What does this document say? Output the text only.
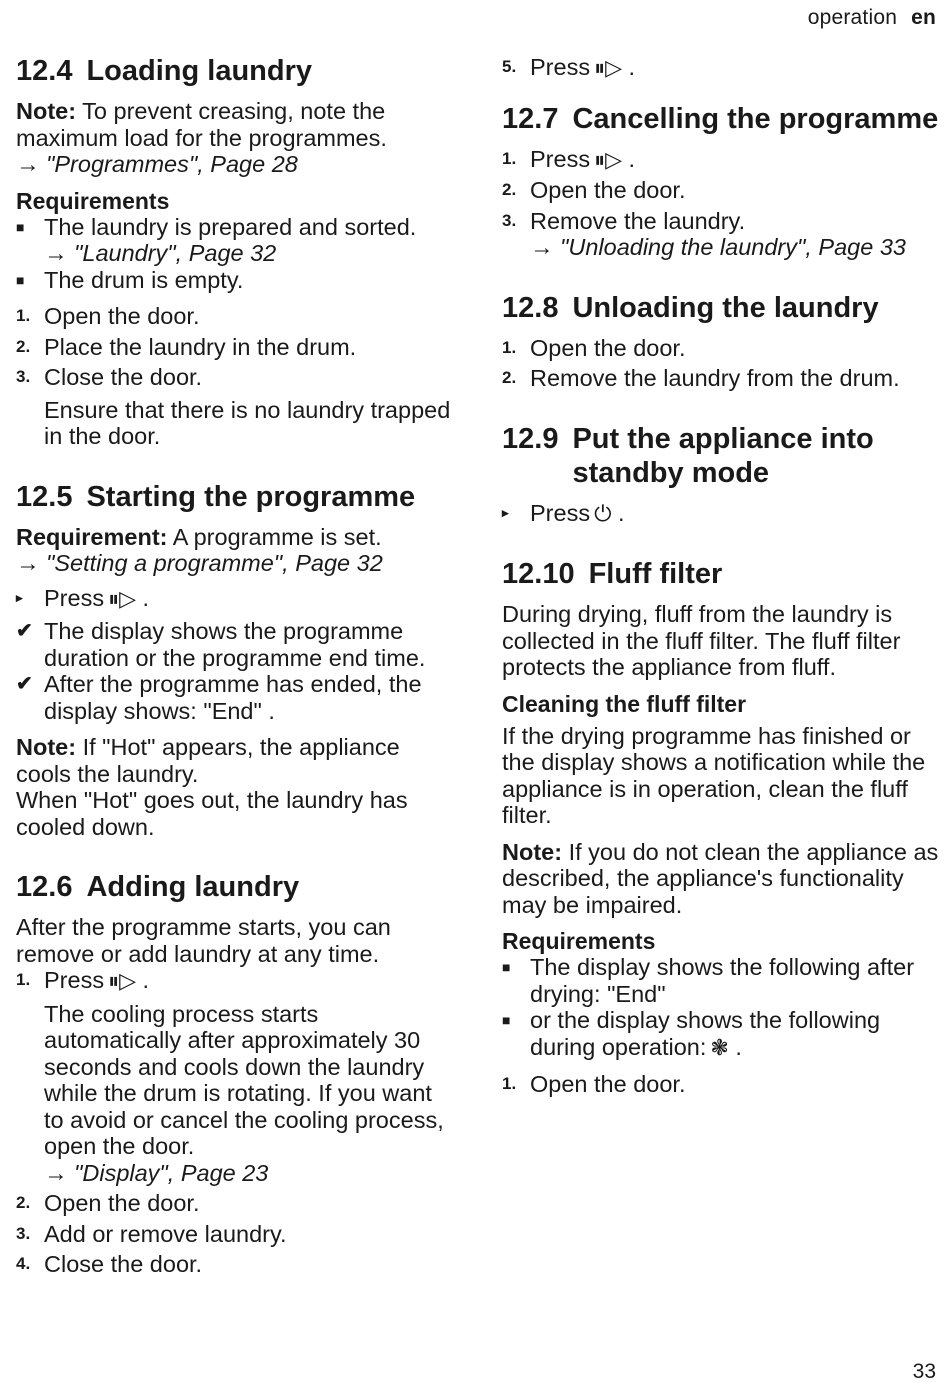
operation en
12.4 Loading laundry

Note: To prevent creasing, note the maximum load for the programmes.

→ "Programmes", Page 28

Requirements
■ The laundry is prepared and sorted.
→ "Laundry", Page 32
■ The drum is empty.
1. Open the door.
2. Place the laundry in the drum.
3. Close the door.

Ensure that there is no laundry trapped in the door.

12.5 Starting the programme

Requirement: A programme is set.

→ "Setting a programme", Page 32

▸ Press ⏸︎▷ .
✔ The display shows the programme duration or the programme end time.
✔ After the programme has ended, the display shows: "End" .

Note: If "Hot" appears, the appliance cools the laundry.

When "Hot" goes out, the laundry has cooled down.

12.6 Adding laundry

After the programme starts, you can remove or add laundry at any time.

1. Press ⏸︎▷ .

The cooling process starts automatically after approximately 30 seconds and cools down the laundry while the drum is rotating. If you want to avoid or cancel the cooling process, open the door.

→ "Display", Page 23

2. Open the door.
3. Add or remove laundry.
4. Close the door.
5. Press ⏸︎▷ .
12.7 Cancelling the programme
1. Press ⏸︎▷ .
2. Open the door.
3. Remove the laundry.
→ "Unloading the laundry", Page 33
12.8 Unloading the laundry
1. Open the door.
2. Remove the laundry from the drum.
12.9 Put the appliance into standby mode
▸ Press ⏻ .
12.10 Fluff filter

During drying, fluff from the laundry is collected in the fluff filter. The fluff filter protects the appliance from fluff.

Cleaning the fluff filter

If the drying programme has finished or the display shows a notification while the appliance is in operation, clean the fluff filter.

Note: If you do not clean the appliance as described, the appliance's functionality may be impaired.

Requirements
■ The display shows the following after drying: "End"
■ or the display shows the following during operation: ❃ .
1. Open the door.
33
